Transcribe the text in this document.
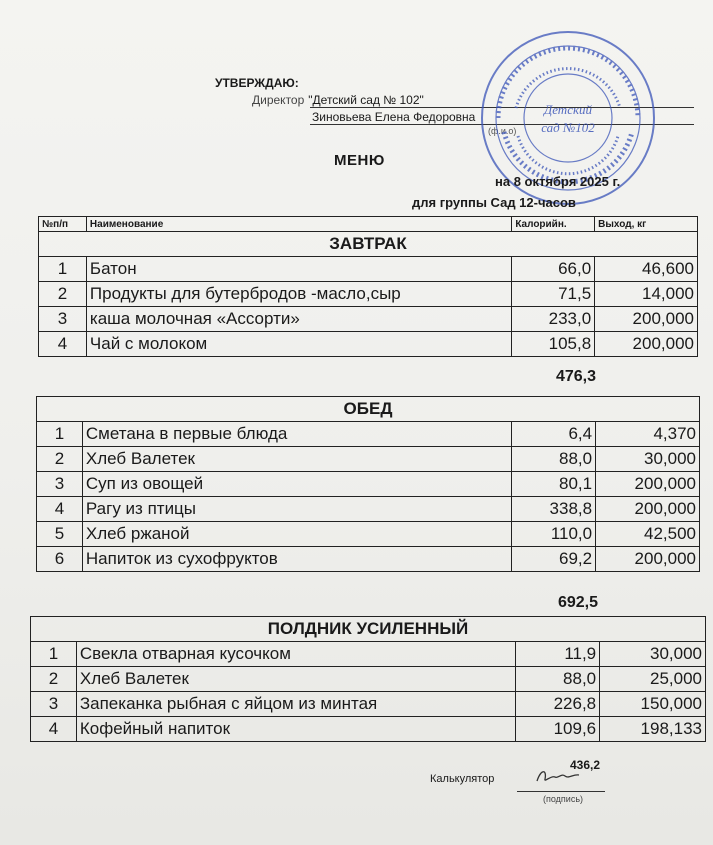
УТВЕРЖДАЮ:
Директор "Детский сад № 102"
Зиновьева Елена Федоровна
(ф.и.о)
Детский
сад №102
МЕНЮ
на 8 октября 2025 г.
для группы Сад 12-часов
№п/п	Наименование	Калорийн.	Выход, кг
ЗАВТРАК			
1	Батон	66,0	46,600
2	Продукты для бутербродов -масло,сыр	71,5	14,000
3	каша молочная «Ассорти»	233,0	200,000
4	Чай с молоком	105,8	200,000
476,3
ОБЕД			
1	Сметана в первые блюда	6,4	4,370
2	Хлеб Валетек	88,0	30,000
3	Суп из овощей	80,1	200,000
4	Рагу из птицы	338,8	200,000
5	Хлеб ржаной	110,0	42,500
6	Напиток из сухофруктов	69,2	200,000
692,5
ПОЛДНИК УСИЛЕННЫЙ			
1	Свекла отварная кусочком	11,9	30,000
2	Хлеб Валетек	88,0	25,000
3	Запеканка рыбная с яйцом из минтая	226,8	150,000
4	Кофейный напиток	109,6	198,133
436,2
Калькулятор
(подпись)
